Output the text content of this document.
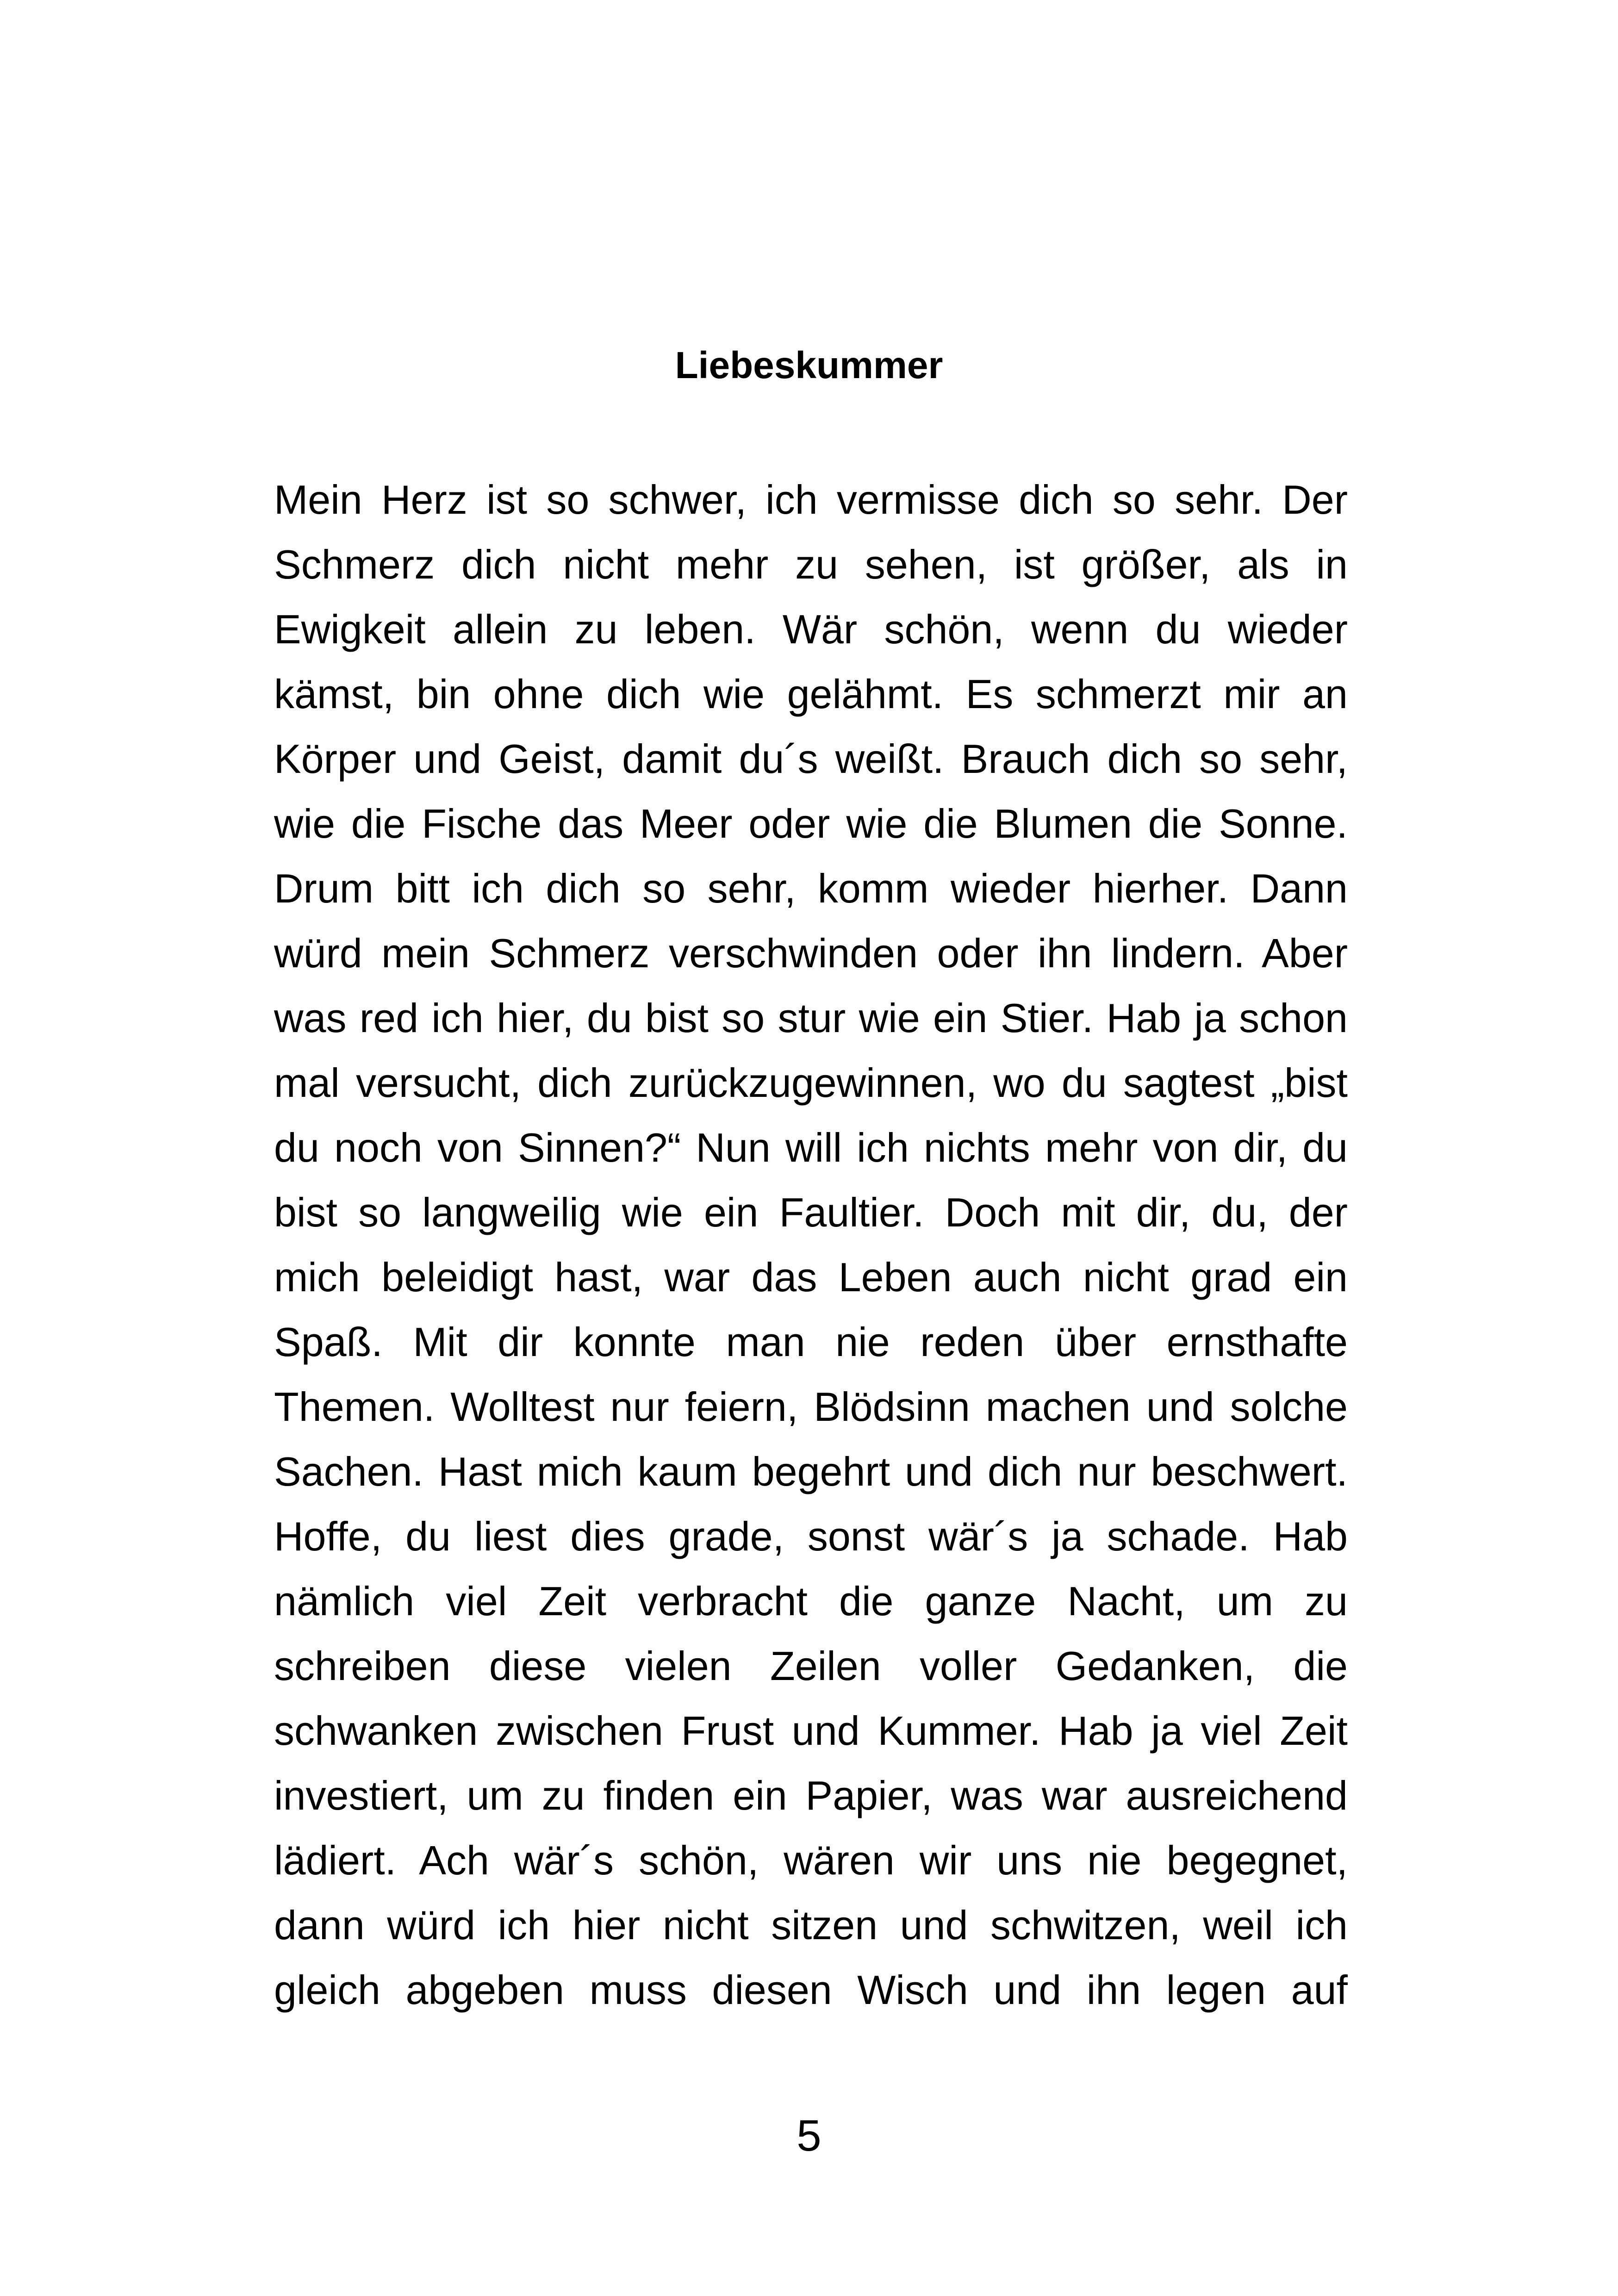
Liebeskummer
Mein Herz ist so schwer, ich vermisse dich so sehr. Der
Schmerz dich nicht mehr zu sehen, ist größer, als in
Ewigkeit allein zu leben. Wär schön, wenn du wieder
kämst, bin ohne dich wie gelähmt. Es schmerzt mir an
Körper und Geist, damit du´s weißt. Brauch dich so sehr,
wie die Fische das Meer oder wie die Blumen die Sonne.
Drum bitt ich dich so sehr, komm wieder hierher. Dann
würd mein Schmerz verschwinden oder ihn lindern. Aber
was red ich hier, du bist so stur wie ein Stier. Hab ja schon
mal versucht, dich zurückzugewinnen, wo du sagtest „bist
du noch von Sinnen?“ Nun will ich nichts mehr von dir, du
bist so langweilig wie ein Faultier. Doch mit dir, du, der
mich beleidigt hast, war das Leben auch nicht grad ein
Spaß. Mit dir konnte man nie reden über ernsthafte
Themen. Wolltest nur feiern, Blödsinn machen und solche
Sachen. Hast mich kaum begehrt und dich nur beschwert.
Hoffe, du liest dies grade, sonst wär´s ja schade. Hab
nämlich viel Zeit verbracht die ganze Nacht, um zu
schreiben diese vielen Zeilen voller Gedanken, die
schwanken zwischen Frust und Kummer. Hab ja viel Zeit
investiert, um zu finden ein Papier, was war ausreichend
lädiert. Ach wär´s schön, wären wir uns nie begegnet,
dann würd ich hier nicht sitzen und schwitzen, weil ich
gleich abgeben muss diesen Wisch und ihn legen auf
5
